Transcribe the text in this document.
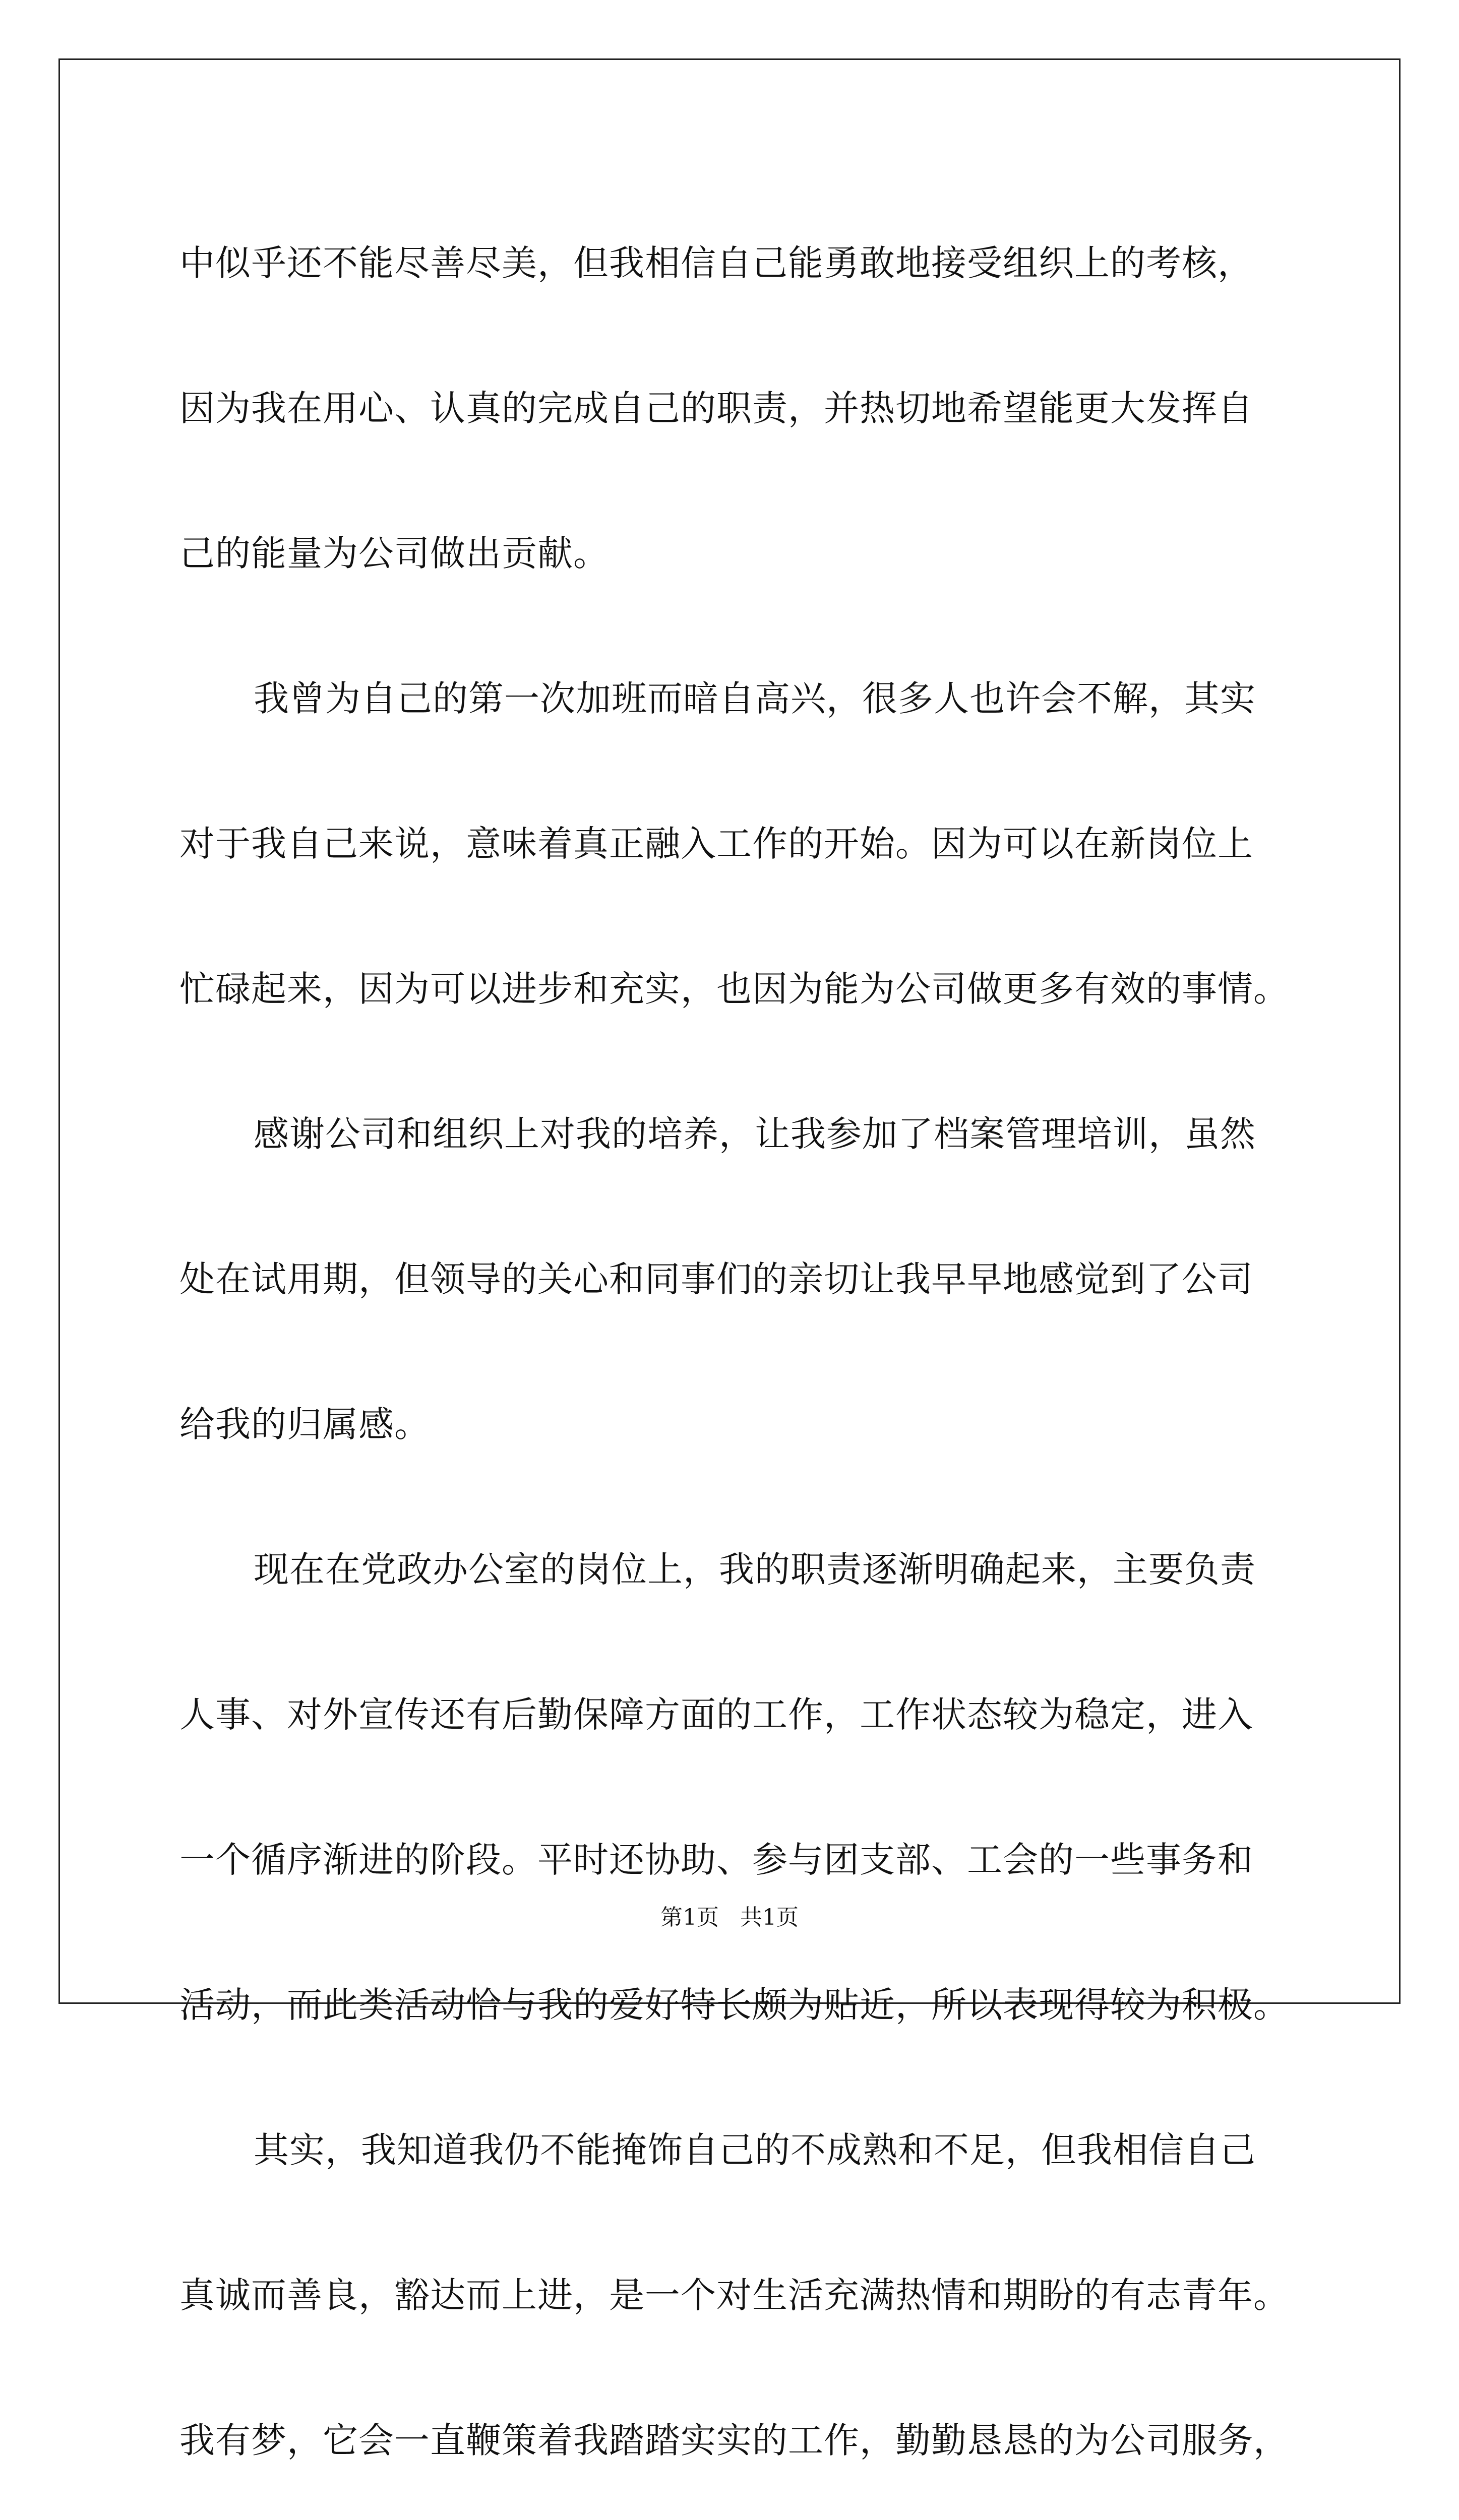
中似乎还不能尽善尽美，但我相信自己能勇敢地接受组织上的考核，
因为我在用心、认真的完成自己的职责，并热切地希望能更大发挥自
己的能量为公司做出贡献。
我曾为自己的第一次加班而暗自高兴，很多人也许会不解，其实
对于我自己来说，意味着真正融入工作的开始。因为可以在新岗位上
忙碌起来，因为可以进步和充实，也因为能为公司做更多有效的事情。
感谢公司和组织上对我的培养，让我参加了档案管理培训，虽然
处在试用期，但领导的关心和同事们的亲切让我早早地感觉到了公司
给我的归属感。
现在在党政办公室的岗位上，我的职责逐渐明确起来，主要负责
人事、对外宣传还有后勤保障方面的工作，工作状态较为稳定，进入
一个循序渐进的阶段。平时还协助、参与团支部、工会的一些事务和
活动，而此类活动恰与我的爱好特长颇为贴近，所以表现得较为积极。
其实，我知道我仍不能掩饰自己的不成熟和不足，但我相信自己
真诚而善良，豁达而上进，是一个对生活充满热情和期盼的有志青年。
我有梦，它会一直鞭策着我踏踏实实的工作，勤勤恳恳的为公司服务，
第1页   共1页
